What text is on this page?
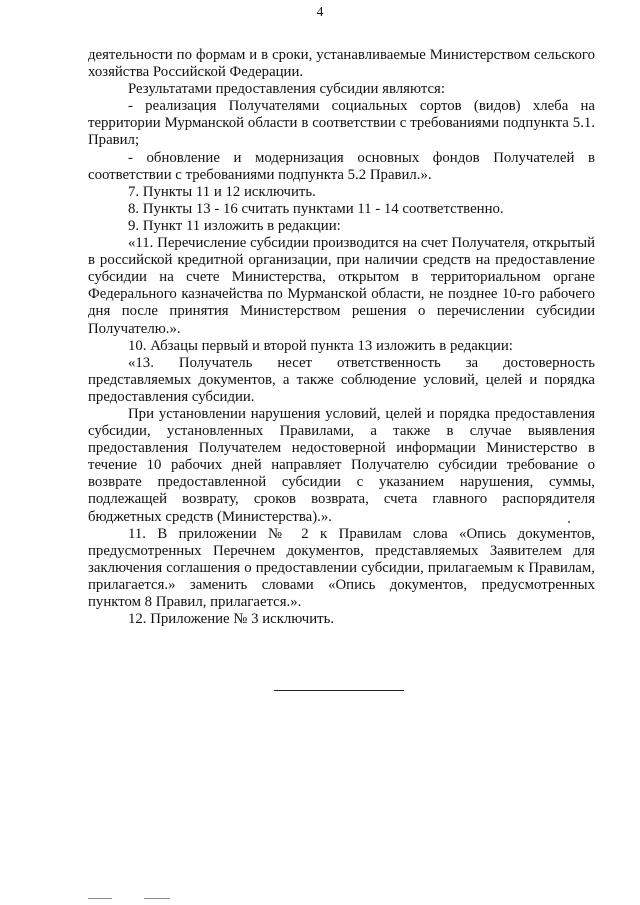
4

деятельности по формам и в сроки, устанавливаемые Министерством сельского хозяйства Российской Федерации.

Результатами предоставления субсидии являются:

- реализация Получателями социальных сортов (видов) хлеба на территории Мурманской области в соответствии с требованиями подпункта 5.1. Правил;

- обновление и модернизация основных фондов Получателей в соответствии с требованиями подпункта 5.2 Правил.».

7. Пункты 11 и 12 исключить.

8. Пункты 13 - 16 считать пунктами 11 - 14 соответственно.

9. Пункт 11 изложить в редакции:

«11. Перечисление субсидии производится на счет Получателя, открытый в российской кредитной организации, при наличии средств на предоставление субсидии на счете Министерства, открытом в территориальном органе Федерального казначейства по Мурманской области, не позднее 10-го рабочего дня после принятия Министерством решения о перечислении субсидии Получателю.».

10. Абзацы первый и второй пункта 13 изложить в редакции:

«13. Получатель несет ответственность за достоверность представляемых документов, а также соблюдение условий, целей и порядка предоставления субсидии.

При установлении нарушения условий, целей и порядка предоставления субсидии, установленных Правилами, а также в случае выявления предоставления Получателем недостоверной информации Министерство в течение 10 рабочих дней направляет Получателю субсидии требование о возврате предоставленной субсидии с указанием нарушения, суммы, подлежащей возврату, сроков возврата, счета главного распорядителя бюджетных средств (Министерства).».

11. В приложении № 2 к Правилам слова «Опись документов, предусмотренных Перечнем документов, представляемых Заявителем для заключения соглашения о предоставлении субсидии, прилагаемым к Правилам, прилагается.» заменить словами «Опись документов, предусмотренных пунктом 8 Правил, прилагается.».

12. Приложение № 3 исключить.
